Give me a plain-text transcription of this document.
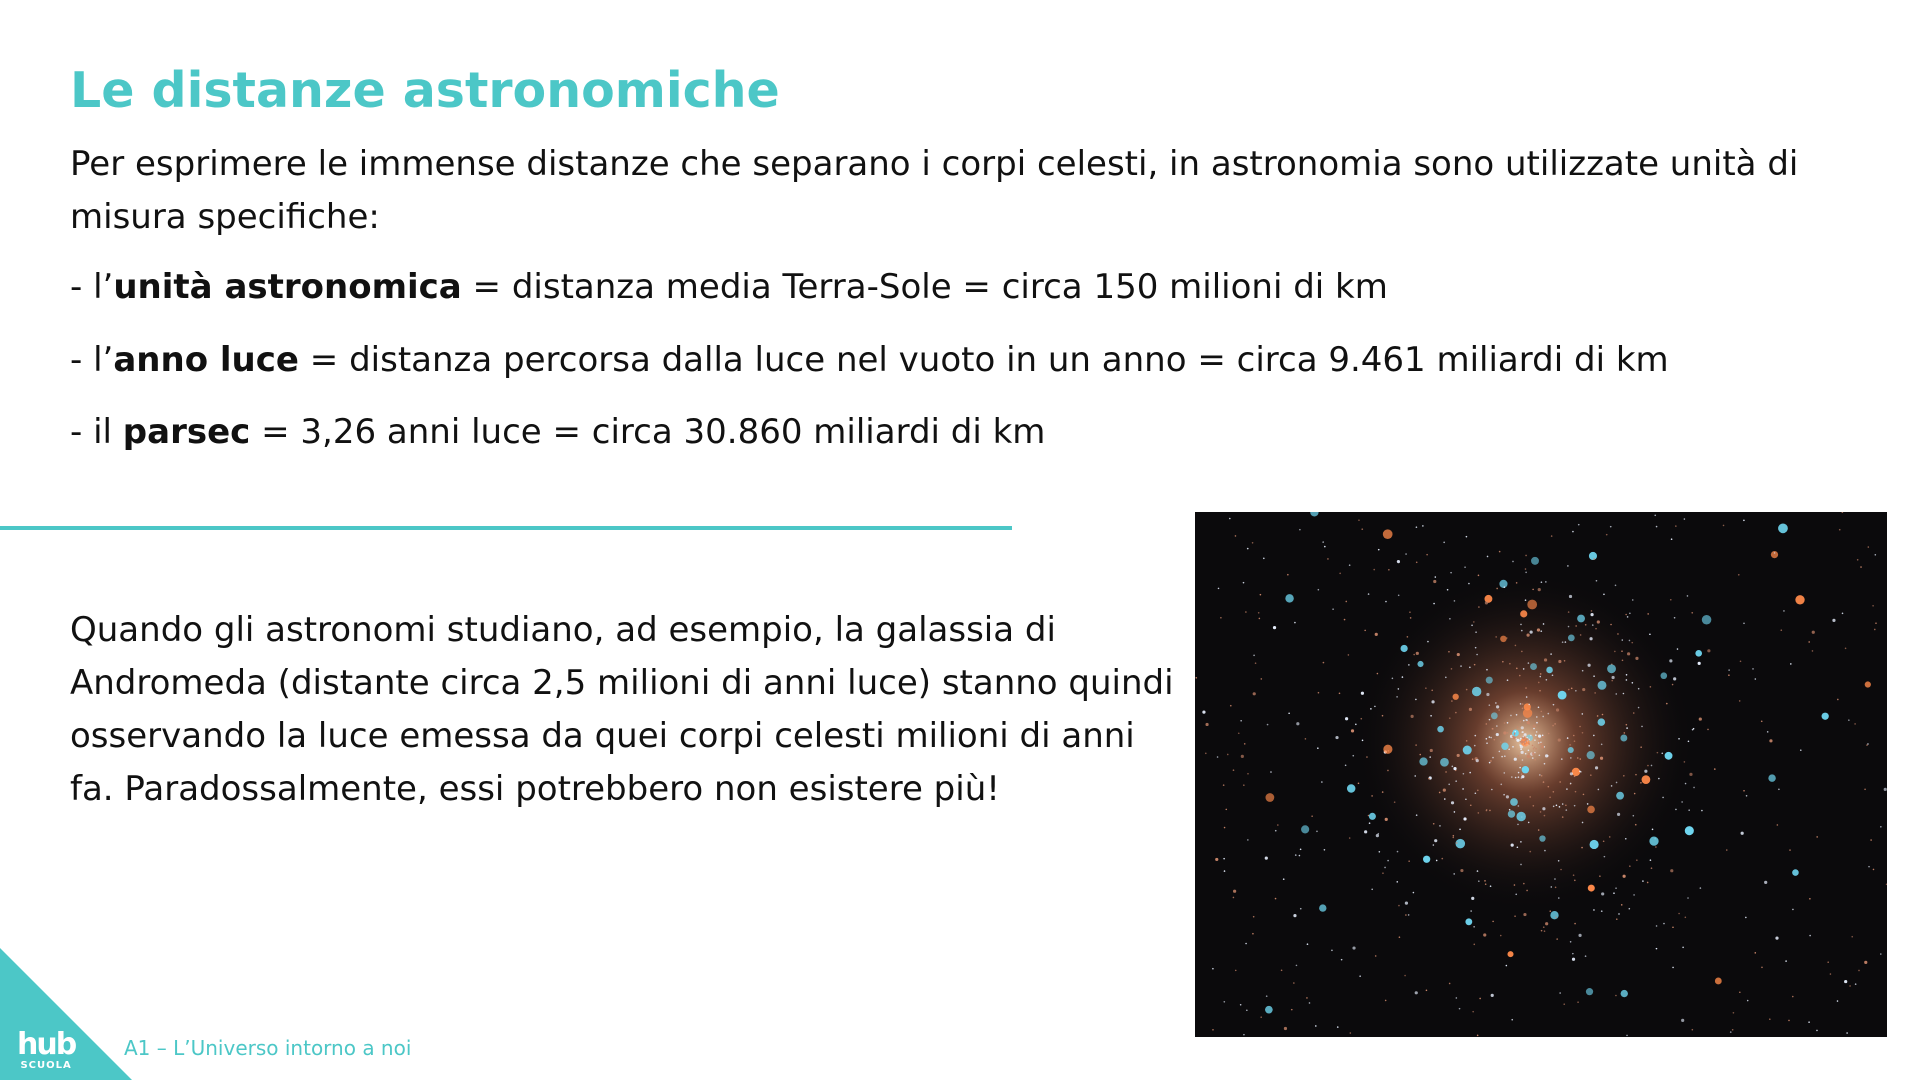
Le distanze astronomiche
Per esprimere le immense distanze che separano i corpi celesti, in astronomia sono utilizzate unità di misura specifiche:
- l’unità astronomica = distanza media Terra-Sole = circa 150 milioni di km
- l’anno luce = distanza percorsa dalla luce nel vuoto in un anno = circa 9.461 miliardi di km
- il parsec = 3,26 anni luce = circa 30.860 miliardi di km
Quando gli astronomi studiano, ad esempio, la galassia di Andromeda (distante circa 2,5 milioni di anni luce) stanno quindi osservando la luce emessa da quei corpi celesti milioni di anni fa. Paradossalmente, essi potrebbero non esistere più!
hub
SCUOLA
A1 – L’Universo intorno a noi
